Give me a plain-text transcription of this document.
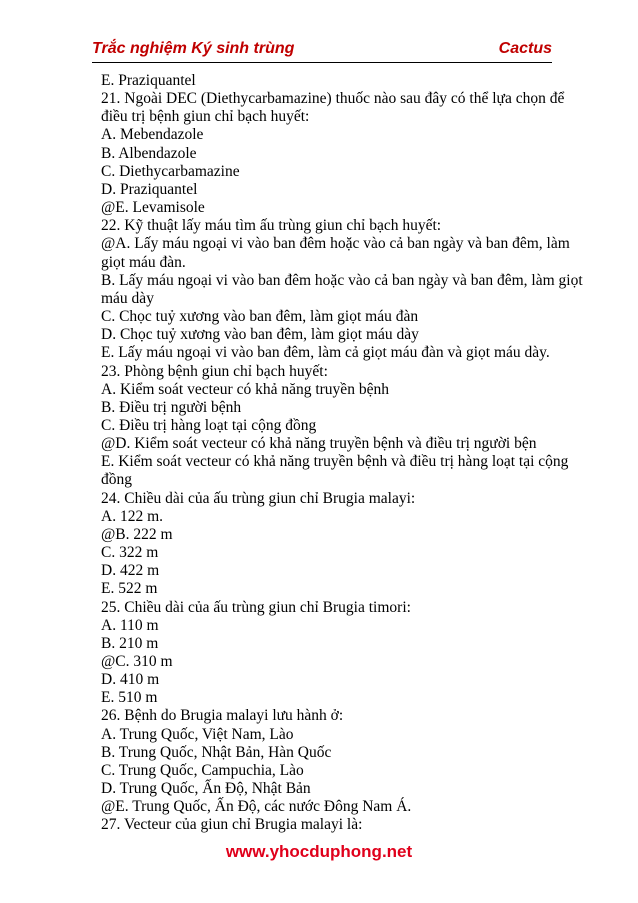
Trắc nghiệm Ký sinh trùng	Cactus
E. Praziquantel
21. Ngoài DEC (Diethycarbamazine) thuốc nào sau đây có thể lựa chọn để
điều trị bệnh giun chỉ bạch huyết:
A. Mebendazole
B. Albendazole
C. Diethycarbamazine
D. Praziquantel
@E. Levamisole
22. Kỹ thuật lấy máu tìm ấu trùng giun chỉ bạch huyết:
@A. Lấy máu ngoại vi vào ban đêm hoặc vào cả ban ngày và ban đêm, làm
giọt máu đàn.
B. Lấy máu ngoại vi vào ban đêm hoặc vào cả ban ngày và ban đêm, làm giọt
máu dày
C. Chọc tuỷ xương vào ban đêm, làm giọt máu đàn
D. Chọc tuỷ xương vào ban đêm, làm giọt máu dày
E. Lấy máu ngoại vi vào ban đêm, làm cả giọt máu đàn và giọt máu dày.
23. Phòng bệnh giun chỉ bạch huyết:
A. Kiểm soát vecteur có khả năng truyền bệnh
B. Điều trị người bệnh
C. Điều trị hàng loạt tại cộng đồng
@D. Kiểm soát vecteur có khả năng truyền bệnh và điều trị người bện
E. Kiểm soát vecteur có khả năng truyền bệnh và điều trị hàng loạt tại cộng
đồng
24. Chiều dài của ấu trùng giun chỉ Brugia malayi:
A. 122 m.
@B. 222 m
C. 322 m
D. 422 m
E. 522 m
25. Chiều dài của ấu trùng giun chỉ Brugia timori:
A. 110 m
B. 210 m
@C. 310 m
D. 410 m
E. 510 m
26. Bệnh do Brugia malayi lưu hành ở:
A. Trung Quốc, Việt Nam, Lào
B. Trung Quốc, Nhật Bản, Hàn Quốc
C. Trung Quốc, Campuchia, Lào
D. Trung Quốc, Ấn Độ, Nhật Bản
@E. Trung Quốc, Ấn Độ, các nước Đông Nam Á.
27. Vecteur của giun chỉ Brugia malayi là:
www.yhocduphong.net
